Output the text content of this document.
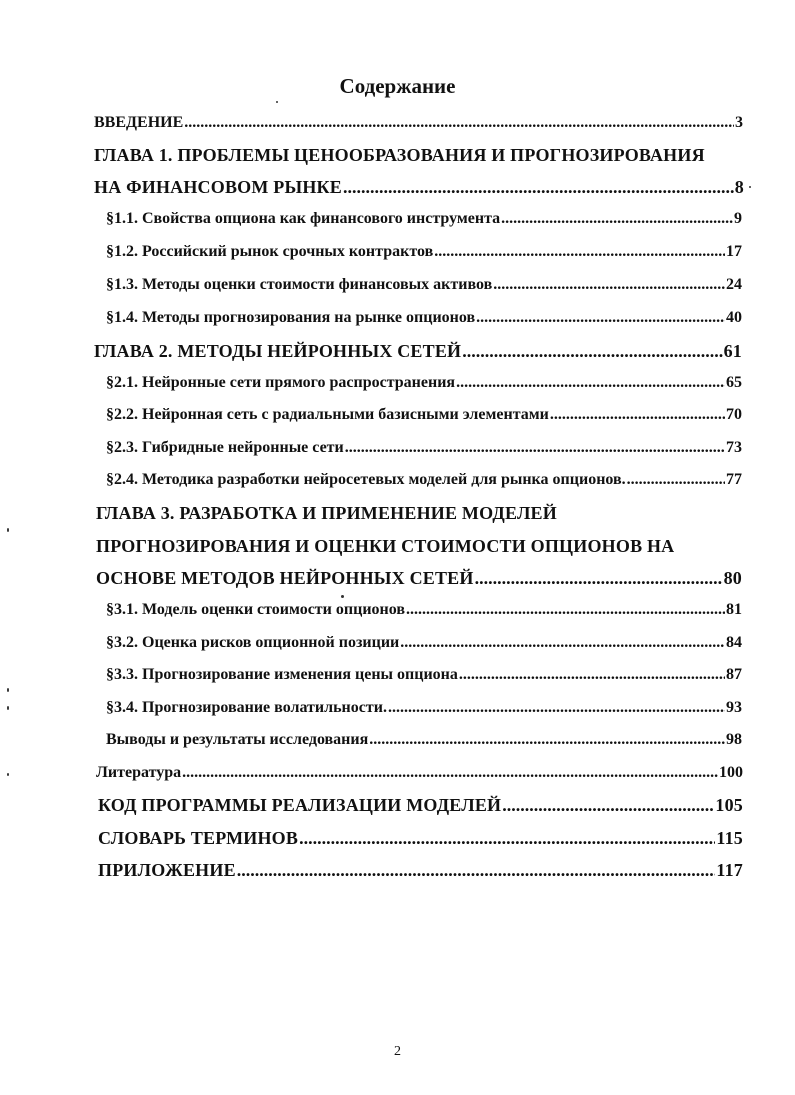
Содержание
ВВЕДЕНИЕ .....	3
ГЛАВА 1. ПРОБЛЕМЫ ЦЕНООБРАЗОВАНИЯ И ПРОГНОЗИРОВАНИЯ
НА ФИНАНСОВОМ РЫНКЕ .....	8
§1.1. Свойства опциона как финансового инструмента .....	9
§1.2. Российский рынок срочных контрактов .....	17
§1.3. Методы оценки стоимости финансовых активов .....	24
§1.4. Методы прогнозирования на рынке опционов .....	40
ГЛАВА 2. МЕТОДЫ НЕЙРОННЫХ СЕТЕЙ .....	61
§2.1. Нейронные сети прямого распространения .....	65
§2.2. Нейронная сеть с радиальными базисными элементами .....	70
§2.3. Гибридные нейронные сети .....	73
§2.4. Методика разработки нейросетевых моделей для рынка опционов. .....	77
ГЛАВА 3. РАЗРАБОТКА И ПРИМЕНЕНИЕ МОДЕЛЕЙ
ПРОГНОЗИРОВАНИЯ И ОЦЕНКИ СТОИМОСТИ ОПЦИОНОВ НА
ОСНОВЕ МЕТОДОВ НЕЙРОННЫХ СЕТЕЙ .....	80
§3.1. Модель оценки стоимости опционов .....	81
§3.2. Оценка рисков опционной позиции .....	84
§3.3. Прогнозирование изменения цены опциона .....	87
§3.4. Прогнозирование волатильности. .....	93
Выводы и результаты исследования .....	98
Литература .....	100
КОД ПРОГРАММЫ РЕАЛИЗАЦИИ МОДЕЛЕЙ .....	105
СЛОВАРЬ ТЕРМИНОВ .....	115
ПРИЛОЖЕНИЕ .....	117
2
